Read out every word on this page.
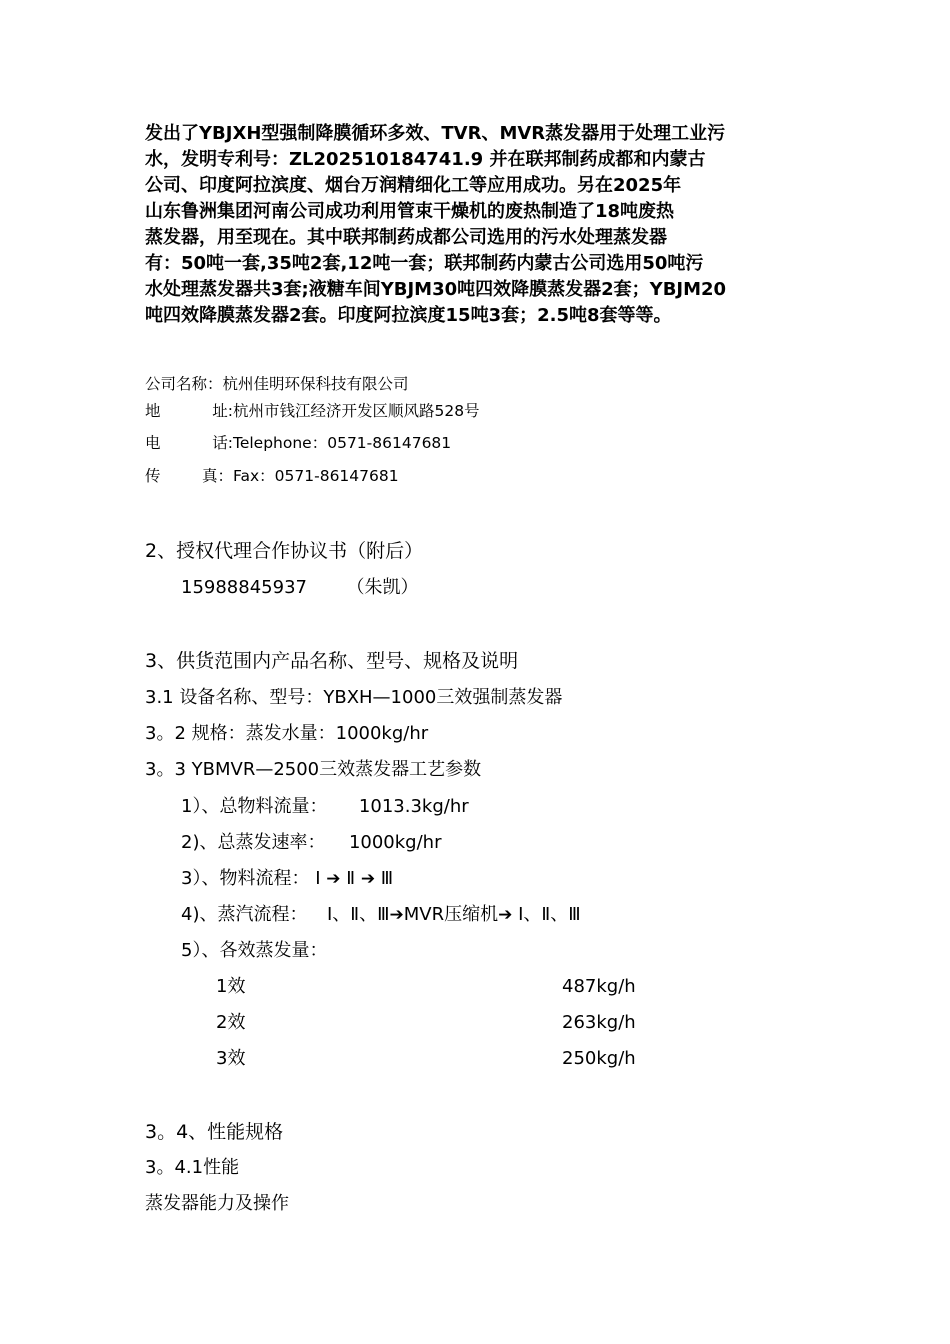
发出了YBJXH型强制降膜循环多效、TVR、MVR蒸发器用于处理工业污
水，发明专利号：ZL202510184741.9 并在联邦制药成都和内蒙古
公司、印度阿拉滨度、烟台万润精细化工等应用成功。另在2025年
山东鲁洲集团河南公司成功利用管束干燥机的废热制造了18吨废热
蒸发器，用至现在。其中联邦制药成都公司选用的污水处理蒸发器
有：50吨一套,35吨2套,12吨一套；联邦制药内蒙古公司选用50吨污
水处理蒸发器共3套;液糖车间YBJM30吨四效降膜蒸发器2套；YBJM20
吨四效降膜蒸发器2套。印度阿拉滨度15吨3套；2.5吨8套等等。

公司名称：杭州佳明环保科技有限公司
地	址: 杭州市钱江经济开发区顺风路528号
电	话: Telephone：0571-86147681
传	真： Fax：0571-86147681
2、授权代理合作协议书（附后）
15988845937 （朱凯）
3、供货范围内产品名称、型号、规格及说明
3.1 设备名称、型号：YBXH—1000三效强制蒸发器
3。2 规格：蒸发水量：1000kg/hr
3。3 YBMVR—2500三效蒸发器工艺参数
1）、总物料流量： 1013.3kg/hr
2)、总蒸发速率： 1000kg/hr
3）、物料流程： Ⅰ ➔ Ⅱ ➔ Ⅲ
4)、蒸汽流程： Ⅰ、Ⅱ、Ⅲ➔MVR压缩机➔ Ⅰ、Ⅱ、Ⅲ
5）、各效蒸发量：
1效	487kg/h
2效	263kg/h
3效	250kg/h
3。4、性能规格
3。4.1性能
蒸发器能力及操作
